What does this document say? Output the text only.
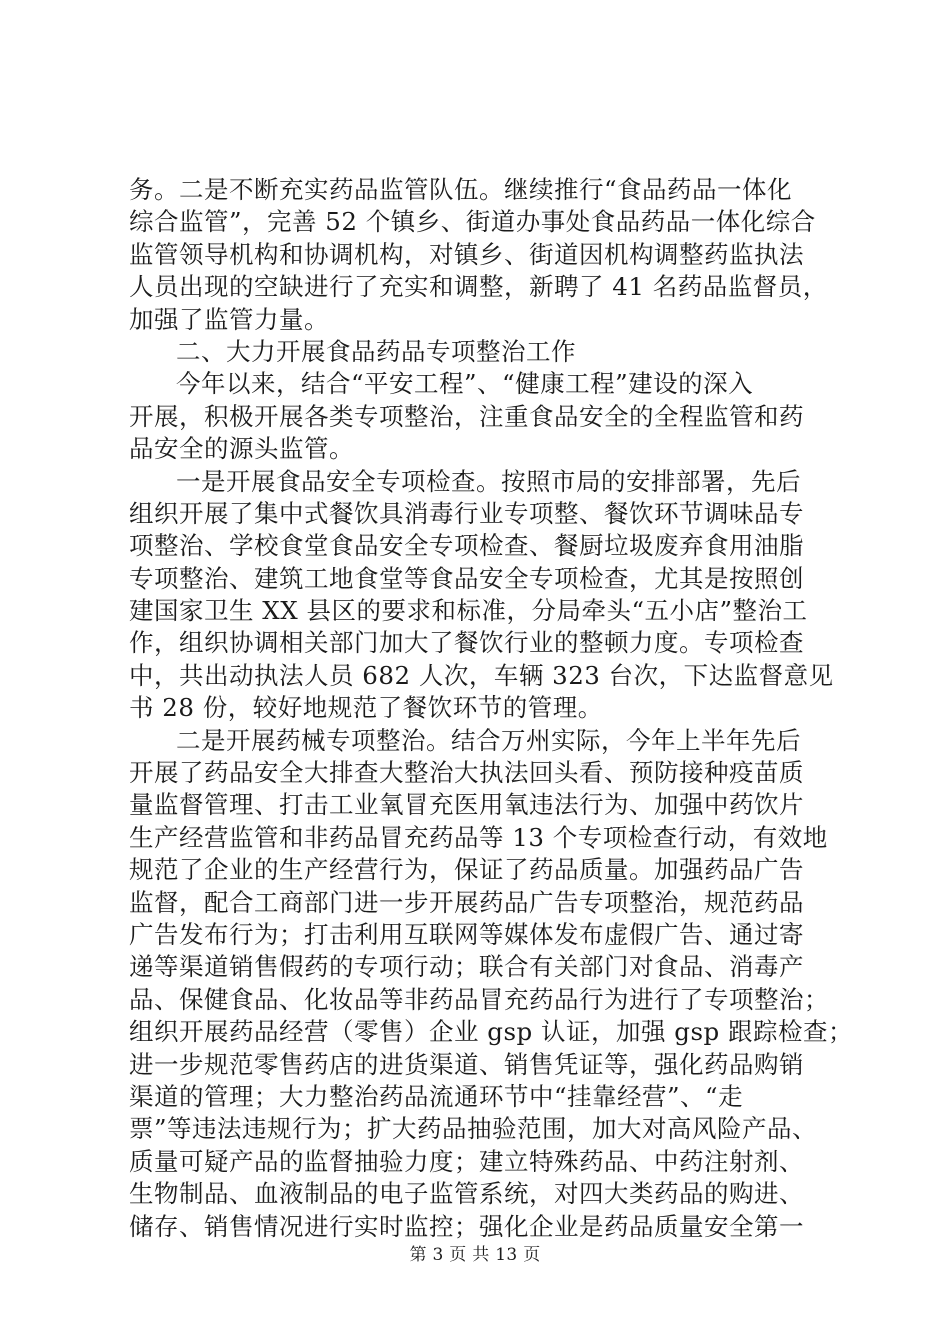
务。二是不断充实药品监管队伍。继续推行“食品药品一体化
综合监管”，完善 52 个镇乡、街道办事处食品药品一体化综合
监管领导机构和协调机构，对镇乡、街道因机构调整药监执法
人员出现的空缺进行了充实和调整，新聘了 41 名药品监督员，
加强了监管力量。
二、大力开展食品药品专项整治工作
今年以来，结合“平安工程”、“健康工程”建设的深入
开展，积极开展各类专项整治，注重食品安全的全程监管和药
品安全的源头监管。
一是开展食品安全专项检查。按照市局的安排部署，先后
组织开展了集中式餐饮具消毒行业专项整、餐饮环节调味品专
项整治、学校食堂食品安全专项检查、餐厨垃圾废弃食用油脂
专项整治、建筑工地食堂等食品安全专项检查，尤其是按照创
建国家卫生 XX 县区的要求和标准，分局牵头“五小店”整治工
作，组织协调相关部门加大了餐饮行业的整顿力度。专项检查
中，共出动执法人员 682 人次，车辆 323 台次，下达监督意见
书 28 份，较好地规范了餐饮环节的管理。
二是开展药械专项整治。结合万州实际，今年上半年先后
开展了药品安全大排查大整治大执法回头看、预防接种疫苗质
量监督管理、打击工业氧冒充医用氧违法行为、加强中药饮片
生产经营监管和非药品冒充药品等 13 个专项检查行动，有效地
规范了企业的生产经营行为，保证了药品质量。加强药品广告
监督，配合工商部门进一步开展药品广告专项整治，规范药品
广告发布行为；打击利用互联网等媒体发布虚假广告、通过寄
递等渠道销售假药的专项行动；联合有关部门对食品、消毒产
品、保健食品、化妆品等非药品冒充药品行为进行了专项整治；
组织开展药品经营（零售）企业 gsp 认证，加强 gsp 跟踪检查；
进一步规范零售药店的进货渠道、销售凭证等，强化药品购销
渠道的管理；大力整治药品流通环节中“挂靠经营”、“走
票”等违法违规行为；扩大药品抽验范围，加大对高风险产品、
质量可疑产品的监督抽验力度；建立特殊药品、中药注射剂、
生物制品、血液制品的电子监管系统，对四大类药品的购进、
储存、销售情况进行实时监控；强化企业是药品质量安全第一
第 3 页 共 13 页
